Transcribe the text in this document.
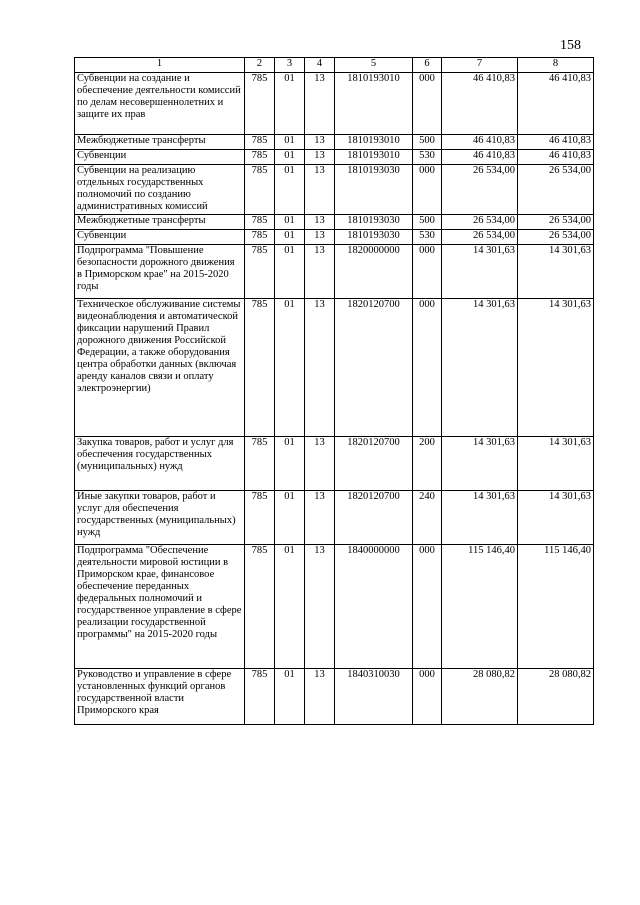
158
1	2	3	4	5	6	7	8
Субвенции на создание и обеспечение деятельности комиссий по делам несовершеннолетних и защите их прав	785	01	13	1810193010	000	46 410,83	46 410,83
Межбюджетные трансферты	785	01	13	1810193010	500	46 410,83	46 410,83
Субвенции	785	01	13	1810193010	530	46 410,83	46 410,83
Субвенции на реализацию отдельных государственных полномочий по созданию административных комиссий	785	01	13	1810193030	000	26 534,00	26 534,00
Межбюджетные трансферты	785	01	13	1810193030	500	26 534,00	26 534,00
Субвенции	785	01	13	1810193030	530	26 534,00	26 534,00
Подпрограмма "Повышение безопасности дорожного движения в Приморском крае" на 2015-2020 годы	785	01	13	1820000000	000	14 301,63	14 301,63
Техническое обслуживание системы видеонаблюдения и автоматической фиксации нарушений Правил дорожного движения Российской Федерации, а также оборудования центра обработки данных (включая аренду каналов связи и оплату электроэнергии)	785	01	13	1820120700	000	14 301,63	14 301,63
Закупка товаров, работ и услуг для обеспечения государственных (муниципальных) нужд	785	01	13	1820120700	200	14 301,63	14 301,63
Иные закупки товаров, работ и услуг для обеспечения государственных (муниципальных) нужд	785	01	13	1820120700	240	14 301,63	14 301,63
Подпрограмма "Обеспечение деятельности мировой юстиции в Приморском крае, финансовое обеспечение переданных федеральных полномочий и государственное управление в сфере реализации государственной программы" на 2015-2020 годы	785	01	13	1840000000	000	115 146,40	115 146,40
Руководство и управление в сфере установленных функций органов государственной власти Приморского края	785	01	13	1840310030	000	28 080,82	28 080,82
